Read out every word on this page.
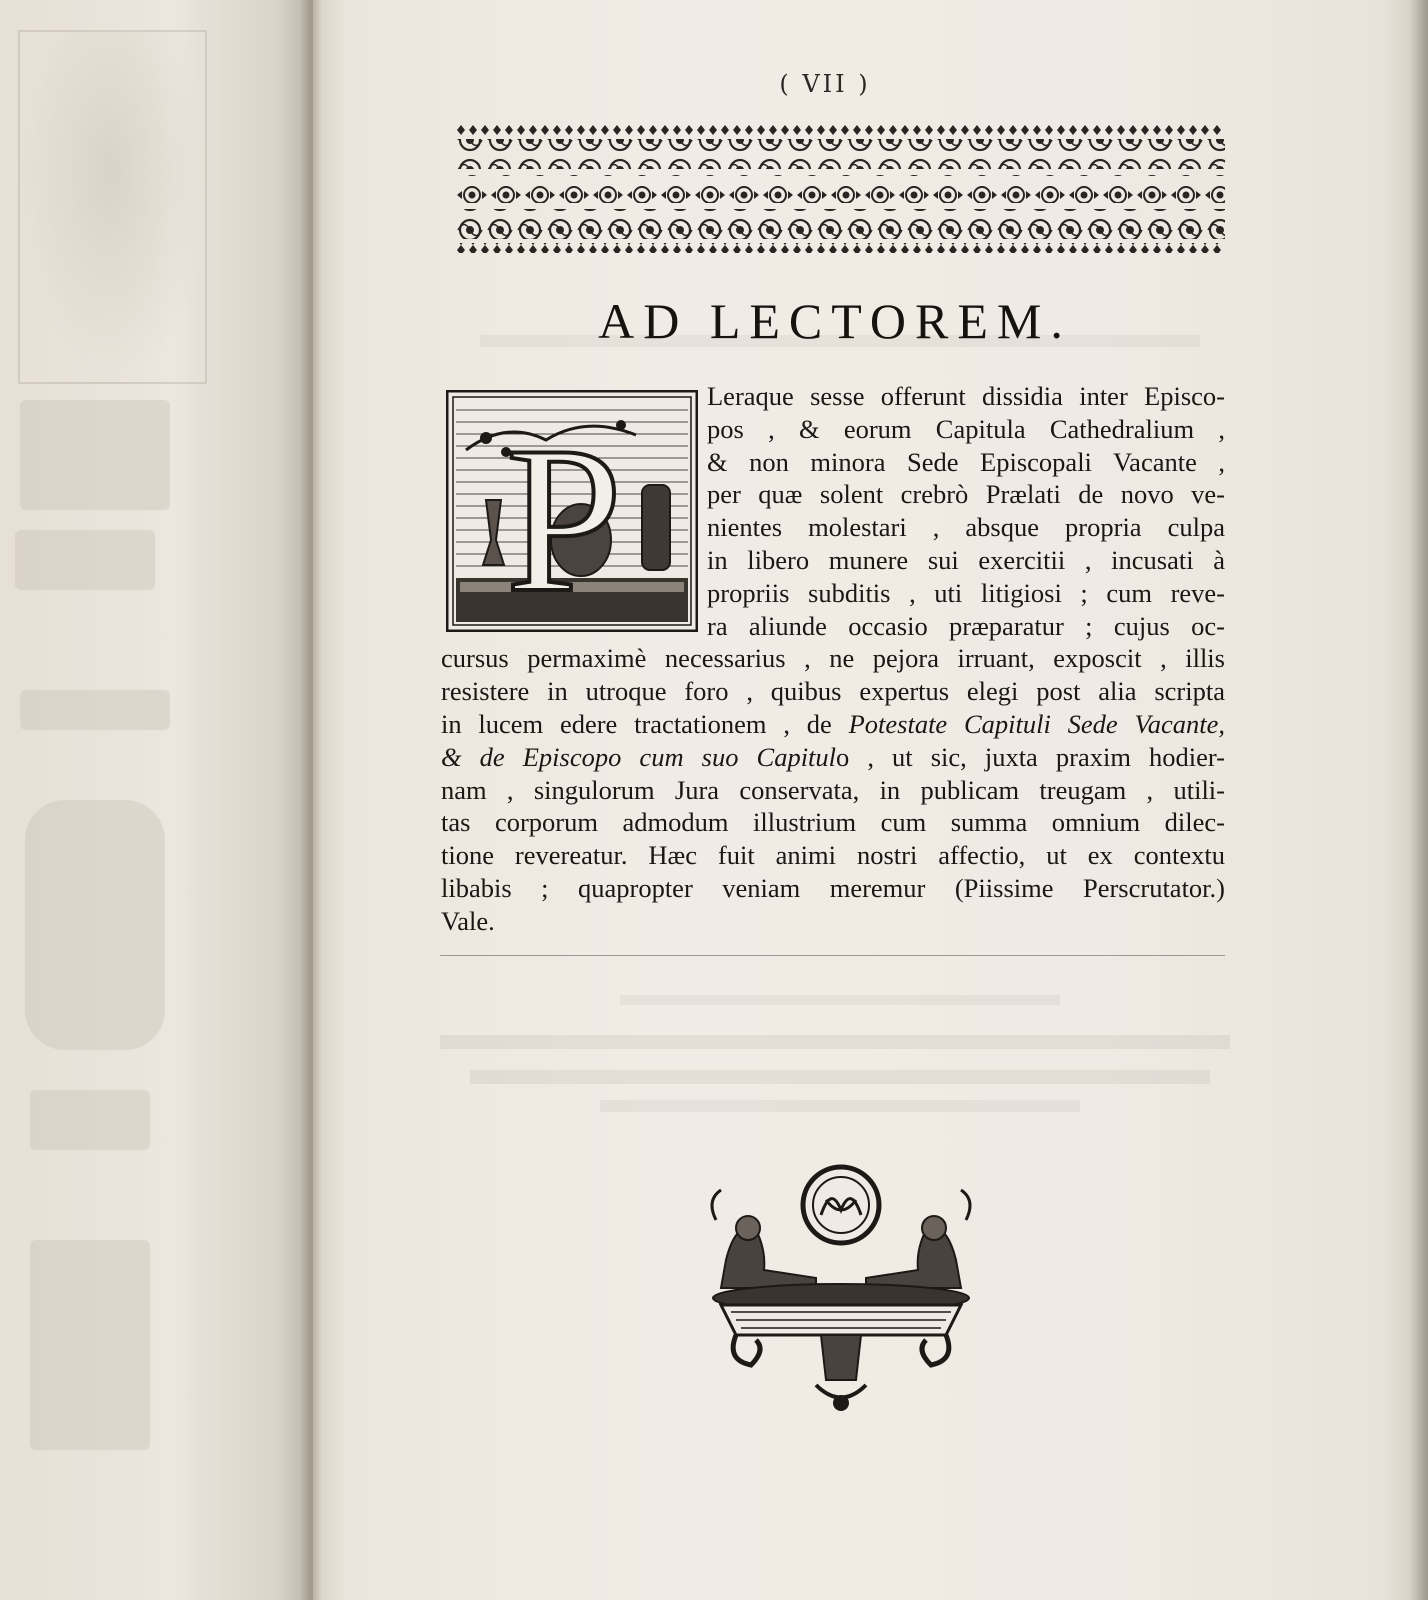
( VII )
AD LECTOREM.
P
Leraque sesse offerunt dissidia inter Episco-
pos , & eorum Capitula Cathedralium ,
& non minora Sede Episcopali Vacante ,
per quæ solent crebrò Prælati de novo ve-
nientes molestari , absque propria culpa
in libero munere sui exercitii , incusati à
propriis subditis , uti litigiosi ; cum reve-
ra aliunde occasio præparatur ; cujus oc-
cursus permaximè necessarius , ne pejora irruant, exposcit , illis
resistere in utroque foro , quibus expertus elegi post alia scripta
in lucem edere tractationem , de Potestate Capituli Sede Vacante,
& de Episcopo cum suo Capitulo , ut sic, juxta praxim hodier-
nam , singulorum Jura conservata, in publicam treugam , utili-
tas corporum admodum illustrium cum summa omnium dilec-
tione revereatur. Hæc fuit animi nostri affectio, ut ex contextu
libabis ; quapropter veniam meremur (Piissime Perscrutator.)
Vale.
